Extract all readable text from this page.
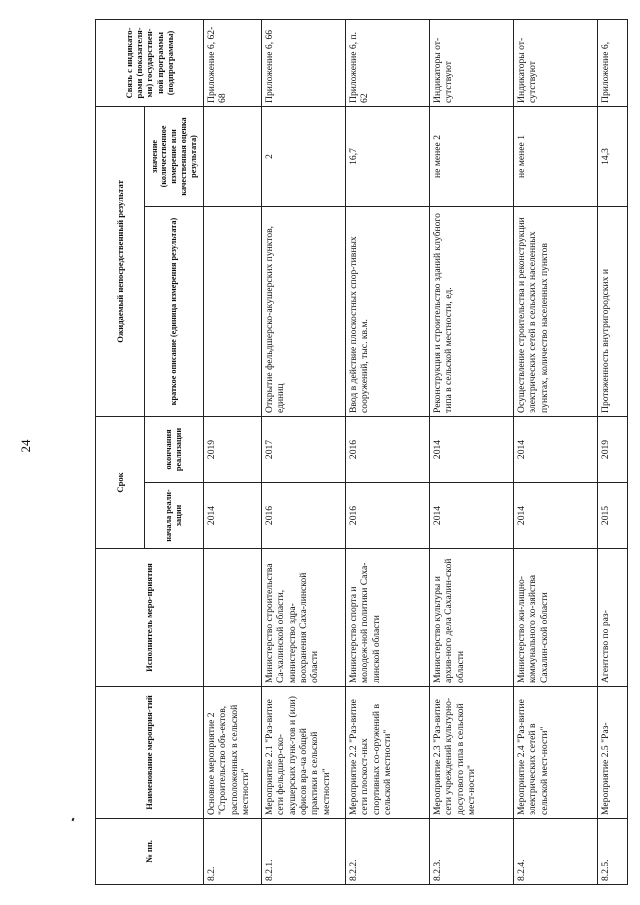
24
№ пп.	Наименование мероприя-тий	Исполнитель меро-приятия	Срок		Ожидаемый непосредственный результат		Связь с индикато-рами (показателя-ми) государствен-ной программы (подпрограммы)
			начала реали-зации	окончания реализации	краткое описание (единица измерения результата)	значение (количественное измерение или качественная оценка результата)	
8.2.	Основное мероприятие 2 "Строительство объ-ектов, расположенных в сельской местности"		2014	2019			Приложение 6, 62-68
8.2.1.	Мероприятие 2.1 "Раз-витие сети фельдшер-ско-акушерских пунк-тов и (или) офисов вра-ча общей практики в сельской местности"	Министерство строительства Са-халинской области, министерство здра-воохранения Саха-линской области	2016	2017	Открытие фельдшерско-акушерских пунктов, единиц	2	Приложение 6, 66
8.2.2.	Мероприятие 2.2 "Раз-витие сети плоскост-ных спортивных со-оружений в сельской местности"	Министерство спорта и молодеж-ной политики Саха-линской области	2016	2016	Ввод в действие плоскостных спор-тивных сооружений, тыс. кв.м.	16,7	Приложение 6, п. 62
8.2.3.	Мероприятие 2.3 "Раз-витие сети учреждений культурно-досугового типа в сельской мест-ности"	Министерство культуры и архив-ного дела Сахалин-ской области	2014	2014	Реконструкция и строительство зданий клубного типа в сельской местности, ед.	не менее 2	Индикаторы от-сутствуют
8.2.4.	Мероприятие 2.4 "Раз-витие электрических сетей в сельской мест-ности"	Министерство жи-лищно-коммунального хо-зяйства Сахалин-ской области	2014	2014	Осуществление строительства и реконструкции электрических сетей в сельских населенных пунктах, количество населенных пунктов	не менее 1	Индикаторы от-сутствуют
8.2.5.	Мероприятие 2.5 "Раз-	Агентство по раз-	2015	2019	Протяженность внутригородских и	14,3	Приложение 6,
